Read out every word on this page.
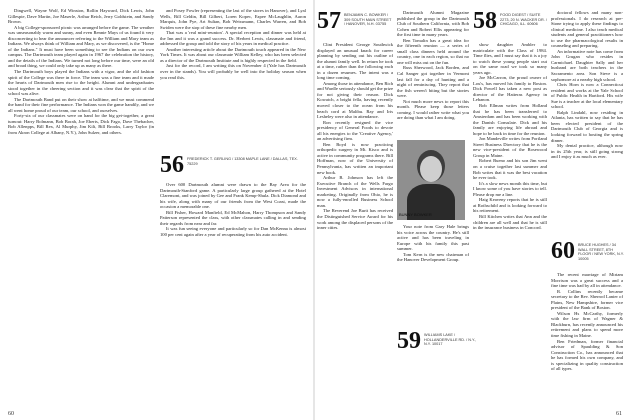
Dingwell, Wayne Wolf, Ed Winston, Rollin Hayward, Dick Lewis, John Gillespie, Dave Martin, Joe Maserle, Arthur Reich, Jerry Goldstein, and Sandy Brown.

A big College-sponsored picnic was arranged before the game. The weather was unseasonably warm and sunny, and even Rennie Mays of us found it very disconcerting to hear the announcer referring to the William and Mary team as Indians. We always think of William and Mary, as we discovered, is the "Home of the Indians." It must have been something to see the Indians on our own campus. The Dartmouth team played again in 1967 the celebration the history, and the details of the Indians. We turned not long before our time, were an old and broad thing, we could only take up as many as there.

The Dartmouth boys played the Indians with a vigor, and the old fashion spirit of the College was there in force. The team was a fine team and it made the hearts of Dartmouth men rise to the height. Alumni and undergraduates stood together in the cheering section and it was clear that the spirit of the school was alive.

The Dartmouth Band put on their show at halftime, and we must commend the band for their fine performance. The Indians won the game handily, and we all went home proud of our team, our school, and ourselves.

Forty-six of our classmates were on hand for the big get-together, a great turnout: Harry Bolmann, Bob Borah, Joe Eberts, Dick Fago, Dave Thebacher, Bob Allenpps, Bill Rex, Al Murphy, Jim Kilt, Bill Brooks, Larry Taylor (in from Akron College at Albany, N.Y.), John Sulzer, and others.

and Posey Fowler (representing the last of the stores in Hanover), and Lyal Wells, Bill Geldin, Bill Gilbert, Loren Kopec, Ezpee McLaughlin, Aaron Marquis, John Pye, Art Sultan, Bob Weissmann, Charles Warren, and Bob Swiden were the stop of these fine nearby men.

That was a 'real mini-reunion'. A special reception and dinner was held at the Inn and it was a grand success. Dr. Herbert Lewis, classmate and friend, addressed the group and told the story of his years in medical practice.

Another interesting article about the Dartmouth touch appeared in the New York Times. It was about our classmate William Kelley, who has been selected as a director of the Dartmouth Institute and is highly respected in the field.

Just for the record, I am writing this on November 4 (Yale has Dartmouth over in the stands). You will probably be well into the holiday season when you read this.

56 FREDERICK T. GERLING / 13308 MAPLE LANE / DALLAS, TEX. 75229

Over 600 Dartmouth alumni were drawn to the Bay Area for the Dartmouth-Stanford game. A particularly large group gathered at the Hotel Claremont, and was joined by Gee and Frank Kemp-Shula. Dick Diamond and his wife, along with many of our friends from the West Coast, made the occasion a memorable one.

Bill Fisher, Howard Manfield, Ed McMahon, Harry Thompson and Sandy Patterson represented the class, with other classmates calling in and sending their regards from near and far.

It was fun seeing everyone and particularly so for Dan McKenna is almost 100 per cent again after a year of recuperating from his auto accident.

60
57 BENJAMIN C. BOWKER / 309 SOUTH MAIN STREET / HANOVER, N.H. 03755

Clint President George Southwick displayed an unusual knack for career planning by sending out his outline of the alumni family well. In return he took at a time, rather than the following each in a dozen resumes. The intent was a long time coming.

Among those in attendance, Ben Rich and Wardle seriously should get the prize for not giving their reason. Dick Kowatch, a bright fella, having recently moved closer to the ocean from his beach cord at Malibu. Ray and Iris Lesheley were also in attendance.

Ron recently resigned the vice presidency of General Foods to devote all his energies to the 'Creative Agency,' an advertising firm.

Ben Boyd is now practicing orthopedic surgery in Mt. Kisco and is active in community programs there. Bill Hoffman, now of the University of Pennsylvania, has written an important new book.

Arthur B. Johnson has left the Executive Branch of the Wells Fargo Investment Advisors in international marketing. Originally from Ohio, he is now a fully-enrolled Business School man.

The Reverend Joe Burtt has received the Distinguished Service Award for his work among the displaced persons of the inner cities.

BUNNY BOWKER

Dartmouth Alumni Magazine published the group in the Dartmouth Club of Southern California, with Bob Cohen and Robert Ellis appearing for the first time in many years.

Ben Tomalin has a great idea for the fifteenth reunion — a series of small class dinners held around the country, one in each region, so that no one will miss out on the fun.

Russ Sherwood, Jack Borden, and Cal Sanger got together in Vermont last fall for a day of hunting and a night of reminiscing. They report that the fish weren't biting but the stories were.

Not much more news to report this month. Please keep those letters coming. I would rather write what you are doing than what I am doing.

Your note from Gary Hale brings his voice across the country. He's still active and has been traveling in Europe with his family this past summer.

Tom Kern is the new chairman of the Hanover Development Group.

59 WILLIAMS LAKE / HOLLANDERVILLE RD. / N.Y., N.Y. 10017
58 FOOD DIGEST / SUITE 2273, 20 N. WACKER DR. / CHICAGO, ILL. 60606

show daughter Ambler to matriculate with the Class of 1984. Time flies, and I must say that it is a joy to watch these young people start out on the same road we took so many years ago.

Joe McCarron, the proud owner of Lou's, has moved his family to Boston. Dick Powell has taken a new post as director of the Hatteras Agency in Lebanon.

Bob Ellman writes from Holland that he has been transferred to Amsterdam and has been working with the Danish Consulate. Dick and his family are enjoying life abroad and hope to be back in time for the reunion.

Jon Mandeville writes from Portland Street Business Directory that he is the new vice-president of the Rosewood Group in Maine.

Robert Bueno and his son Jim went on a cruise together last summer and Bob writes that it was the best vacation he ever took.

It's a slow news month this time, but I know some of you have stories to tell. Please drop me a line.

Haig Keaveny reports that he is still at Rothschild and is looking forward to his retirement.

Bill Kitchen writes that Ann and the children are all well and that he is still in the insurance business in Concord.

doctoral fellows and many non-professionals. I do research at pre-Stone trying to apply these findings to clinical medicine. I also teach medical students and general practitioners how to use the pharmacological results in counseling and preparing.

An informative note has come from John Grugan who resides in Carmichael. Daughter Sally and her husband are both teachers in the Sacramento area. Son Steve is a sophomore at a nearby high school.

Chris Horn is now a Connecticut resident and works at the Yale School of Public Health in Hartford. His wife Sue is a teacher at the local elementary school.

Ralph Lindahl, now residing in Atlanta, has written to say that he has been elected president of the Dartmouth Club of Georgia and is looking forward to hosting the spring dinner.

My dental practice, although now in its 25th year, is still going strong and I enjoy it as much as ever.

60 BRUCE HUGHES / 34 WALL STREET, 8TH FLOOR / NEW YORK, N.Y. 10005

The recent marriage of Miriam Morrison was a great success and a fine time was had by all in attendance.

R. Collins recently became secretary to the Rev. Sherrod Lanier of Plains, New Hampshire, former vice president of the Bank of Boston.

Wilson Hs McCarthy, formerly with the law firm of Wagner & Blackburn, has recently announced his retirement and plans to spend more time fishing in Maine.

Ben Friedman, former financial advisor of Spaulding & Son Construction Co., has announced that he has formed his own company, and is specializing in quality construction of all types.

61
